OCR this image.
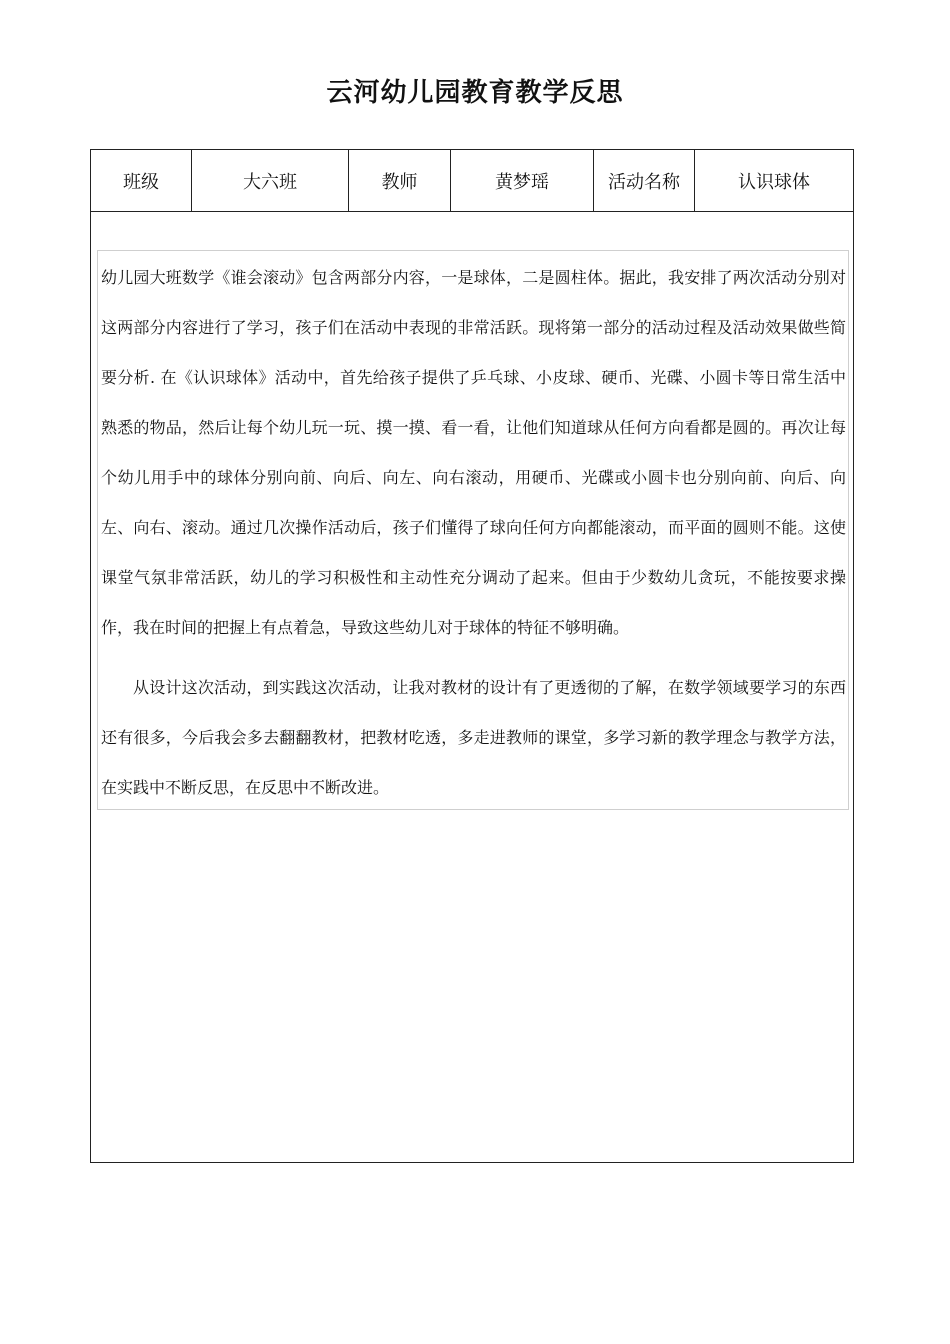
云河幼儿园教育教学反思
班级	大六班	教师	黄梦瑶	活动名称	认识球体

幼儿园大班数学《谁会滚动》包含两部分内容，一是球体，二是圆柱体。据此，我安排了两次活动分别对这两部分内容进行了学习，孩子们在活动中表现的非常活跃。现将第一部分的活动过程及活动效果做些简要分析. 在《认识球体》活动中，首先给孩子提供了乒乓球、小皮球、硬币、光碟、小圆卡等日常生活中熟悉的物品，然后让每个幼儿玩一玩、摸一摸、看一看，让他们知道球从任何方向看都是圆的。再次让每个幼儿用手中的球体分别向前、向后、向左、向右滚动，用硬币、光碟或小圆卡也分别向前、向后、向左、向右、滚动。通过几次操作活动后，孩子们懂得了球向任何方向都能滚动，而平面的圆则不能。这使课堂气氛非常活跃，幼儿的学习积极性和主动性充分调动了起来。但由于少数幼儿贪玩，不能按要求操作，我在时间的把握上有点着急，导致这些幼儿对于球体的特征不够明确。

从设计这次活动，到实践这次活动，让我对教材的设计有了更透彻的了解，在数学领域要学习的东西还有很多，今后我会多去翻翻教材，把教材吃透，多走进教师的课堂，多学习新的教学理念与教学方法，在实践中不断反思，在反思中不断改进。
